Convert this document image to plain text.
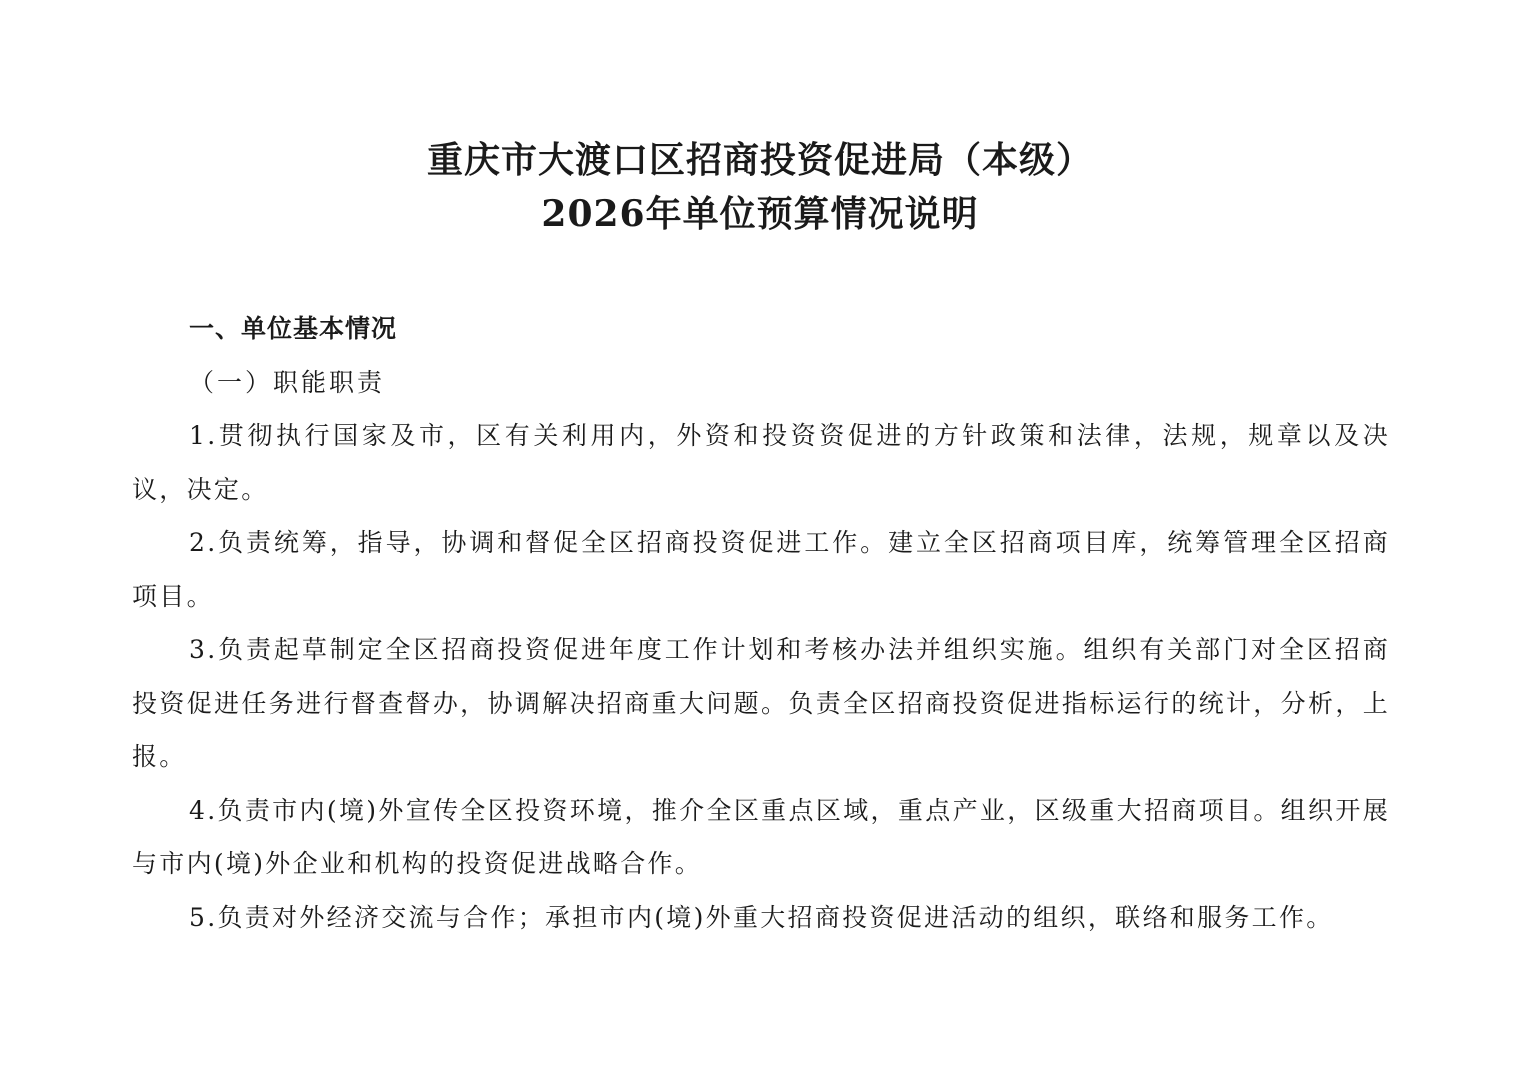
重庆市大渡口区招商投资促进局（本级）
2026年单位预算情况说明

一、单位基本情况

（一）职能职责

1.贯彻执行国家及市，区有关利用内，外资和投资资促进的方针政策和法律，法规，规章以及决议，决定。

2.负责统筹，指导，协调和督促全区招商投资促进工作。建立全区招商项目库，统筹管理全区招商项目。

3.负责起草制定全区招商投资促进年度工作计划和考核办法并组织实施。组织有关部门对全区招商投资促进任务进行督查督办，协调解决招商重大问题。负责全区招商投资促进指标运行的统计，分析，上报。

4.负责市内(境)外宣传全区投资环境，推介全区重点区域，重点产业，区级重大招商项目。组织开展与市内(境)外企业和机构的投资促进战略合作。

5.负责对外经济交流与合作；承担市内(境)外重大招商投资促进活动的组织，联络和服务工作。
